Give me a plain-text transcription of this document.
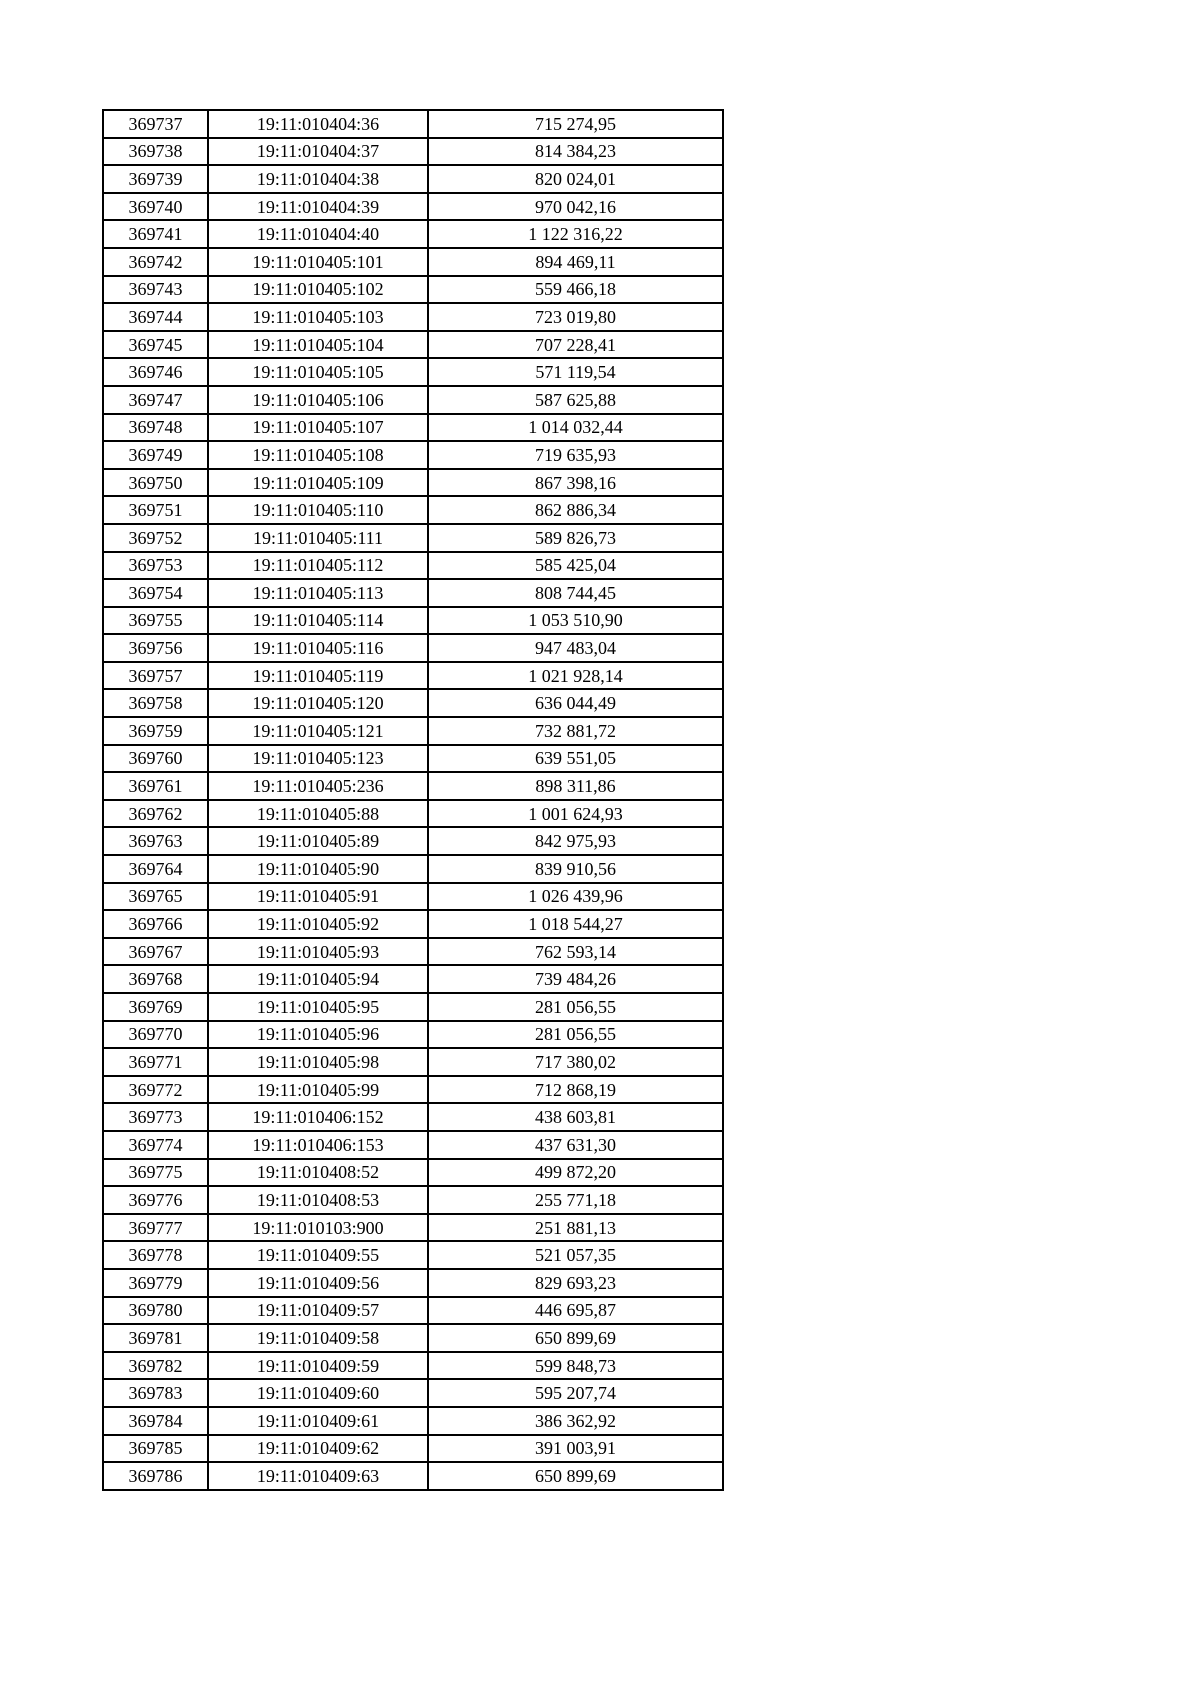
369737	19:11:010404:36	715 274,95
369738	19:11:010404:37	814 384,23
369739	19:11:010404:38	820 024,01
369740	19:11:010404:39	970 042,16
369741	19:11:010404:40	1 122 316,22
369742	19:11:010405:101	894 469,11
369743	19:11:010405:102	559 466,18
369744	19:11:010405:103	723 019,80
369745	19:11:010405:104	707 228,41
369746	19:11:010405:105	571 119,54
369747	19:11:010405:106	587 625,88
369748	19:11:010405:107	1 014 032,44
369749	19:11:010405:108	719 635,93
369750	19:11:010405:109	867 398,16
369751	19:11:010405:110	862 886,34
369752	19:11:010405:111	589 826,73
369753	19:11:010405:112	585 425,04
369754	19:11:010405:113	808 744,45
369755	19:11:010405:114	1 053 510,90
369756	19:11:010405:116	947 483,04
369757	19:11:010405:119	1 021 928,14
369758	19:11:010405:120	636 044,49
369759	19:11:010405:121	732 881,72
369760	19:11:010405:123	639 551,05
369761	19:11:010405:236	898 311,86
369762	19:11:010405:88	1 001 624,93
369763	19:11:010405:89	842 975,93
369764	19:11:010405:90	839 910,56
369765	19:11:010405:91	1 026 439,96
369766	19:11:010405:92	1 018 544,27
369767	19:11:010405:93	762 593,14
369768	19:11:010405:94	739 484,26
369769	19:11:010405:95	281 056,55
369770	19:11:010405:96	281 056,55
369771	19:11:010405:98	717 380,02
369772	19:11:010405:99	712 868,19
369773	19:11:010406:152	438 603,81
369774	19:11:010406:153	437 631,30
369775	19:11:010408:52	499 872,20
369776	19:11:010408:53	255 771,18
369777	19:11:010103:900	251 881,13
369778	19:11:010409:55	521 057,35
369779	19:11:010409:56	829 693,23
369780	19:11:010409:57	446 695,87
369781	19:11:010409:58	650 899,69
369782	19:11:010409:59	599 848,73
369783	19:11:010409:60	595 207,74
369784	19:11:010409:61	386 362,92
369785	19:11:010409:62	391 003,91
369786	19:11:010409:63	650 899,69
